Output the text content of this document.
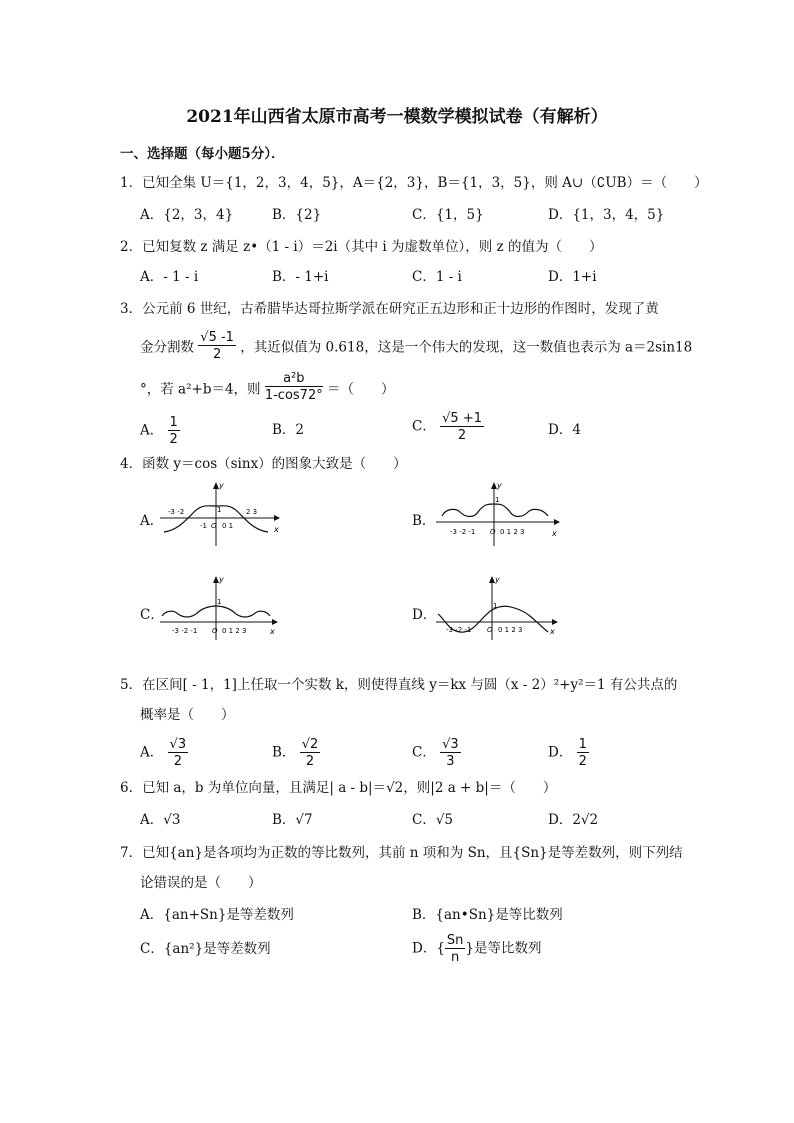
2021年山西省太原市高考一模数学模拟试卷（有解析）
一、选择题（每小题5分）．
1．已知全集 U＝{1，2，3，4，5}，A＝{2，3}，B＝{1，3，5}，则 A∪（∁UB）＝（　　）
A．{2，3，4}	B．{2}	C．{1，5}	D．{1，3，4，5}
2．已知复数 z 满足 z•（1 - i）＝2i（其中 i 为虚数单位），则 z 的值为（　　）
A．- 1 - i	B．- 1+i	C．1 - i	D．1+i
3．公元前 6 世纪，古希腊毕达哥拉斯学派在研究正五边形和正十边形的作图时，发现了黄
金分割数 $\frac{√5 -1}{2}$ ，其近似值为 0.618，这是一个伟大的发现，这一数值也表示为 a＝2sin18
°，若 a²+b＝4，则 $\frac{\text{a²b}}{1-\cos 72^\circ}$ ＝（　　）
A． $\frac{1}{2}$	B．2	C． $\frac{√5 +1}{2}$	D．4
4．函数 y＝cos（sinx）的图象大致是（　　）
A．	B．
C．	D．
y
x
1
-3 -2	2 3
-1 O 0 1
y
x
1
-3 -2 -1 O 0 1 2 3
y
x
1
-3 -2 -1 O 0 1 2 3
y
x
1
-3 -2 -1 O 0 1 2 3
5．在区间[ - 1，1]上任取一个实数 k，则使得直线 y＝kx 与圆（x - 2）²+y²＝1 有公共点的
概率是（　　）
A． $\frac{√3}{2}$	B． $\frac{√2}{2}$	C． $\frac{√3}{3}$	D． $\frac{1}{2}$
6．已知 a，b 为单位向量，且满足| a - b|＝√2，则|2 a + b|＝（　　）
A．√3	B．√7	C．√5	D．2√2
7．已知{an}是各项均为正数的等比数列，其前 n 项和为 Sn，且{Sn}是等差数列，则下列结
论错误的是（　　）
A．{an+Sn}是等差数列	B．{an•Sn}是等比数列
C．{an²}是等差数列	D．{ $\frac{Sn}{n}$ }是等比数列
